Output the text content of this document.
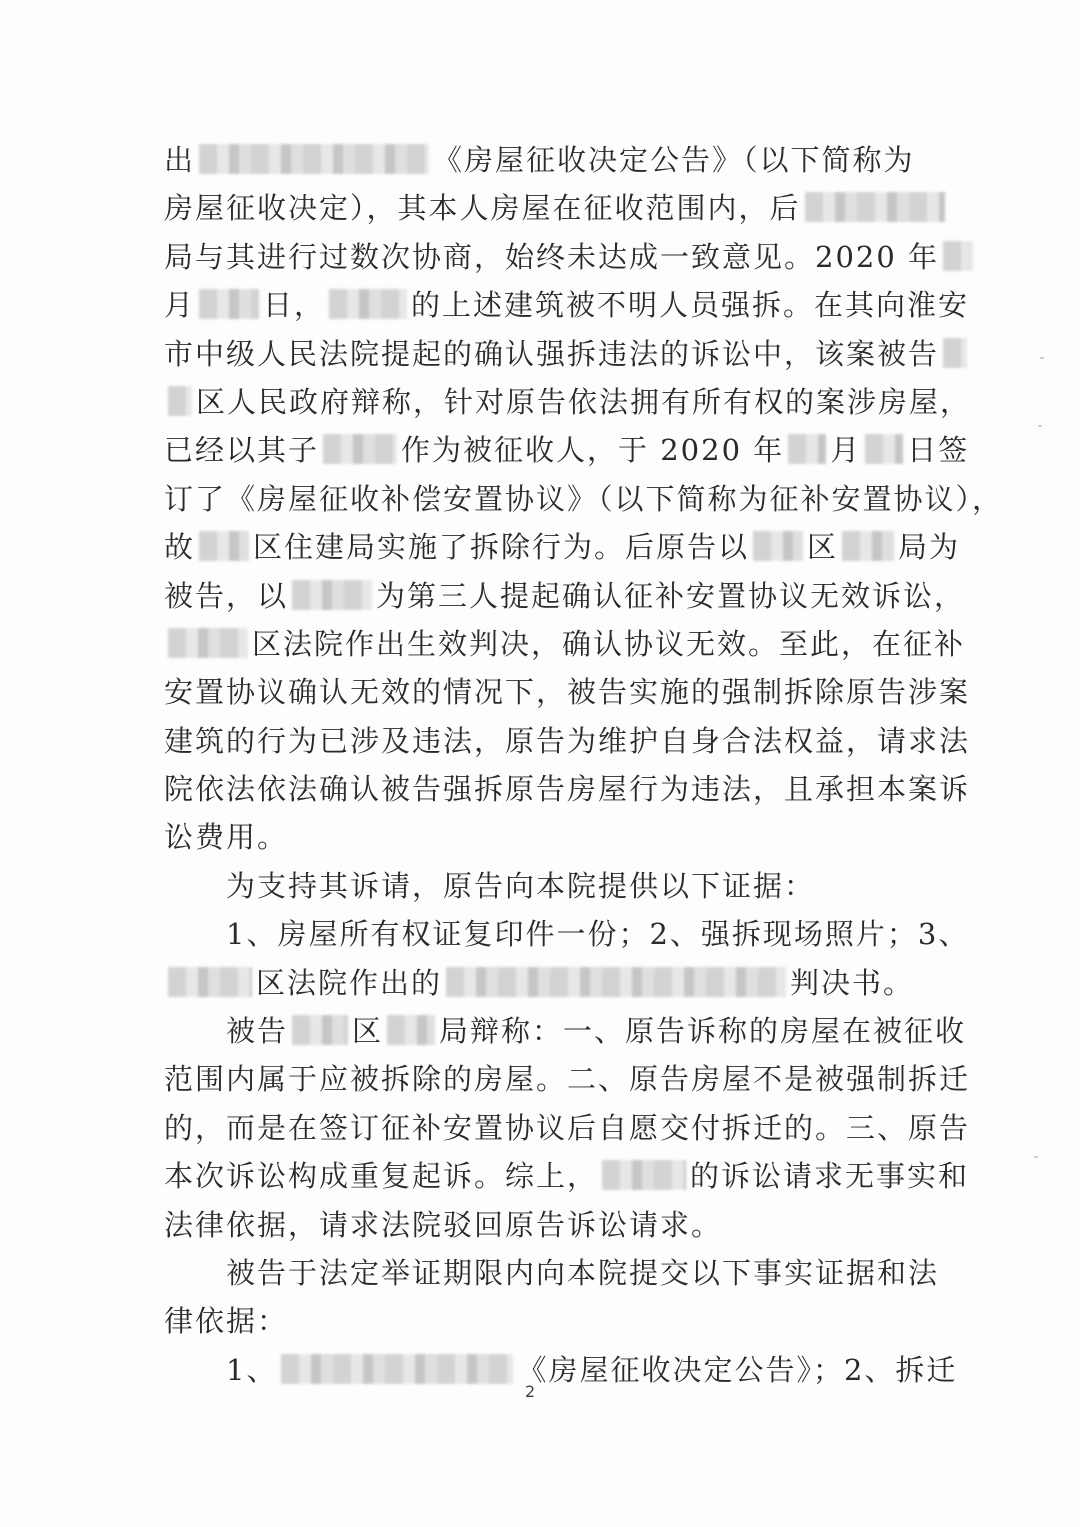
出	《房屋征收决定公告》（以下简称为
房屋征收决定），其本人房屋在征收范围内，后
局与其进行过数次协商，始终未达成一致意见。2020 年
月 日，	的上述建筑被不明人员强拆。在其向淮安
市中级人民法院提起的确认强拆违法的诉讼中，该案被告
区人民政府辩称，针对原告依法拥有所有权的案涉房屋，
已经以其子	作为被征收人，于 2020 年 月 日签
订了《房屋征收补偿安置协议》（以下简称为征补安置协议），
故 区住建局实施了拆除行为。后原告以 区 局为
被告，以	为第三人提起确认征补安置协议无效诉讼，
区法院作出生效判决，确认协议无效。至此，在征补
安置协议确认无效的情况下，被告实施的强制拆除原告涉案
建筑的行为已涉及违法，原告为维护自身合法权益，请求法
院依法依法确认被告强拆原告房屋行为违法，且承担本案诉
讼费用。
　　为支持其诉请，原告向本院提供以下证据：
　　1、房屋所有权证复印件一份；2、强拆现场照片；3、
区法院作出的	判决书。
　　被告 区 局辩称：一、原告诉称的房屋在被征收
范围内属于应被拆除的房屋。二、原告房屋不是被强制拆迁
的，而是在签订征补安置协议后自愿交付拆迁的。三、原告
本次诉讼构成重复起诉。综上，	的诉讼请求无事实和
法律依据，请求法院驳回原告诉讼请求。
　　被告于法定举证期限内向本院提交以下事实证据和法
律依据：
　　1、	《房屋征收决定公告》；2、拆迁
2
